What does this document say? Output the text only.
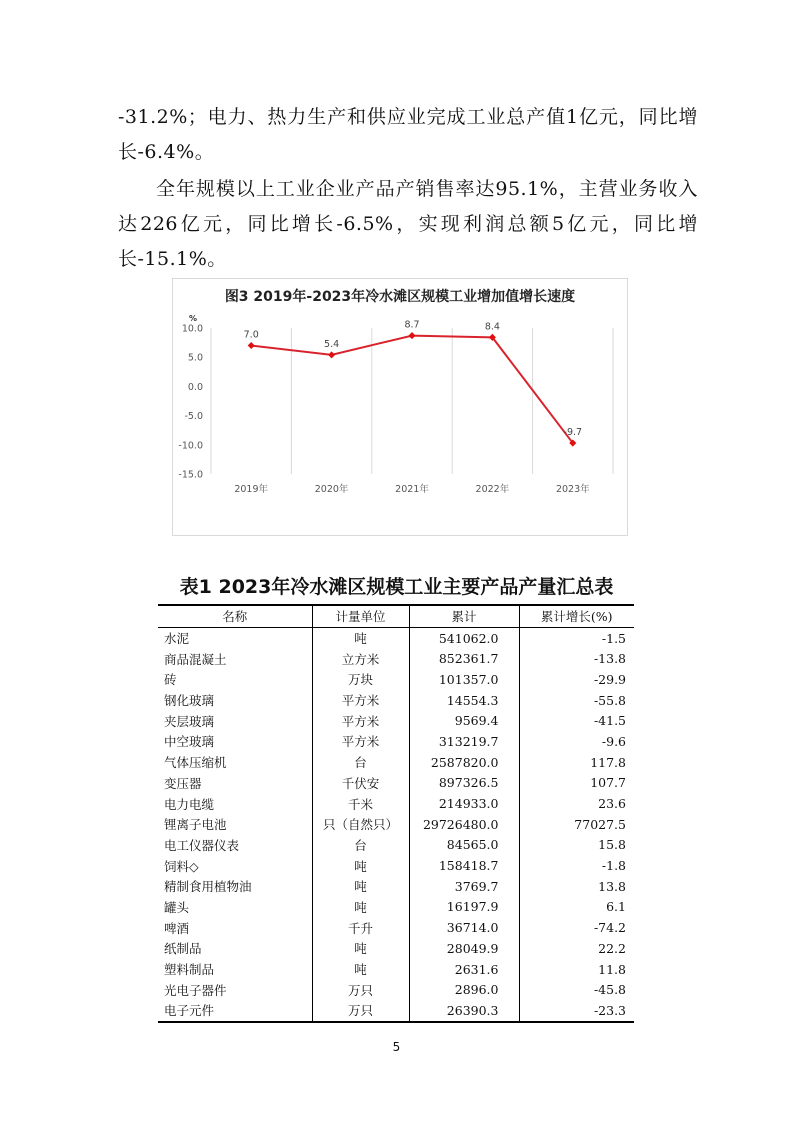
-31.2%；电力、热力生产和供应业完成工业总产值1亿元，同比增长-6.4%。

全年规模以上工业企业产品产销售率达95.1%，主营业务收入达226亿元，同比增长-6.5%，实现利润总额5亿元，同比增长-15.1%。

图3 2019年-2023年冷水滩区规模工业增加值增长速度
%
10.0
5.0
0.0
-5.0
-10.0
-15.0
2019年	2020年	2021年	2022年	2023年
7.0
5.4
8.7	8.4
-9.7
表1 2023年冷水滩区规模工业主要产品产量汇总表
名称	计量单位	累计	累计增长(%)
水泥	吨	541062.0	-1.5
商品混凝土	立方米	852361.7	-13.8
砖	万块	101357.0	-29.9
钢化玻璃	平方米	14554.3	-55.8
夹层玻璃	平方米	9569.4	-41.5
中空玻璃	平方米	313219.7	-9.6
气体压缩机	台	2587820.0	117.8
变压器	千伏安	897326.5	107.7
电力电缆	千米	214933.0	23.6
锂离子电池	只（自然只）	29726480.0	77027.5
电工仪器仪表	台	84565.0	15.8
饲料◇	吨	158418.7	-1.8
精制食用植物油	吨	3769.7	13.8
罐头	吨	16197.9	6.1
啤酒	千升	36714.0	-74.2
纸制品	吨	28049.9	22.2
塑料制品	吨	2631.6	11.8
光电子器件	万只	2896.0	-45.8
电子元件	万只	26390.3	-23.3
5
